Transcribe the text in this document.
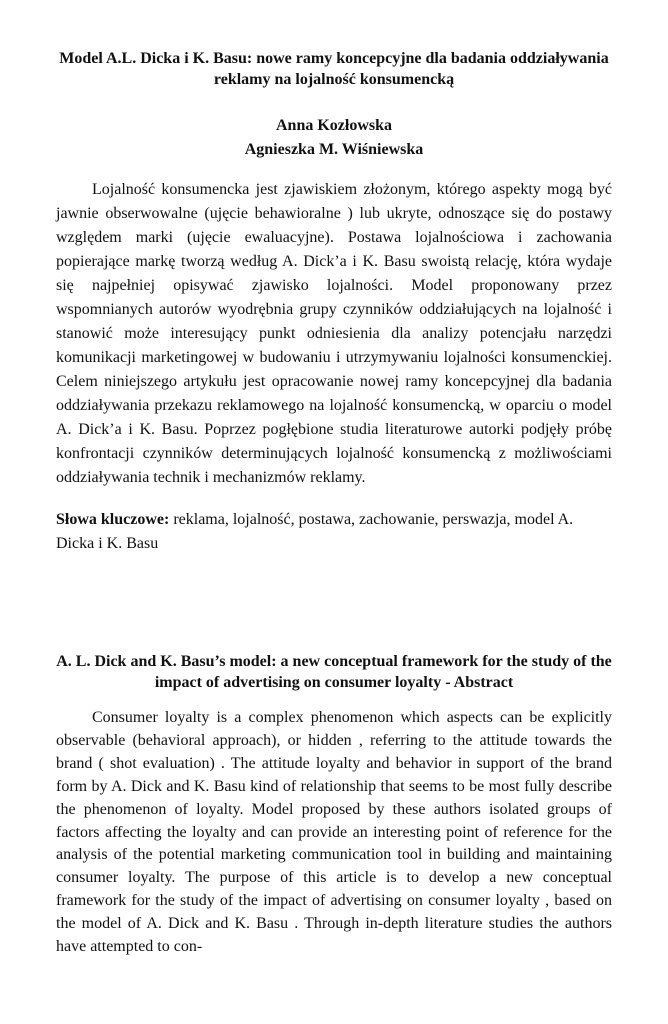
Model A.L. Dicka i K. Basu: nowe ramy koncepcyjne dla badania oddziaływania reklamy na lojalność konsumencką

Anna Kozłowska

Agnieszka M. Wiśniewska

Lojalność konsumencka jest zjawiskiem złożonym, którego aspekty mogą być jawnie obserwowalne (ujęcie behawioralne ) lub ukryte, odnoszące się do postawy względem marki (ujęcie ewaluacyjne). Postawa lojalnościowa i zachowania popierające markę tworzą według A. Dick’a i K. Basu swoistą relację, która wydaje się najpełniej opisywać zjawisko lojalności. Model proponowany przez wspomnianych autorów wyodrębnia grupy czynników oddziałujących na lojalność i stanowić może interesujący punkt odniesienia dla analizy potencjału narzędzi komunikacji marketingowej w budowaniu i utrzymywaniu lojalności konsumenckiej. Celem niniejszego artykułu jest opracowanie nowej ramy koncepcyjnej dla badania oddziaływania przekazu reklamowego na lojalność konsumencką, w oparciu o model A. Dick’a i K. Basu. Poprzez pogłębione studia literaturowe autorki podjęły próbę konfrontacji czynników determinujących lojalność konsumencką z możliwościami oddziaływania technik i mechanizmów reklamy.

Słowa kluczowe: reklama, lojalność, postawa, zachowanie, perswazja, model A. Dicka i K. Basu

A. L. Dick and K. Basu’s model: a new conceptual framework for the study of the impact of advertising on consumer loyalty - Abstract

Consumer loyalty is a complex phenomenon which aspects can be explicitly observable (behavioral approach), or hidden , referring to the attitude towards the brand ( shot evaluation) . The attitude loyalty and behavior in support of the brand form by A. Dick and K. Basu kind of relationship that seems to be most fully describe the phenomenon of loyalty. Model proposed by these authors isolated groups of factors affecting the loyalty and can provide an interesting point of reference for the analysis of the potential marketing communication tool in building and maintaining consumer loyalty. The purpose of this article is to develop a new conceptual framework for the study of the impact of advertising on consumer loyalty , based on the model of A. Dick and K. Basu . Through in-depth literature studies the authors have attempted to con-
